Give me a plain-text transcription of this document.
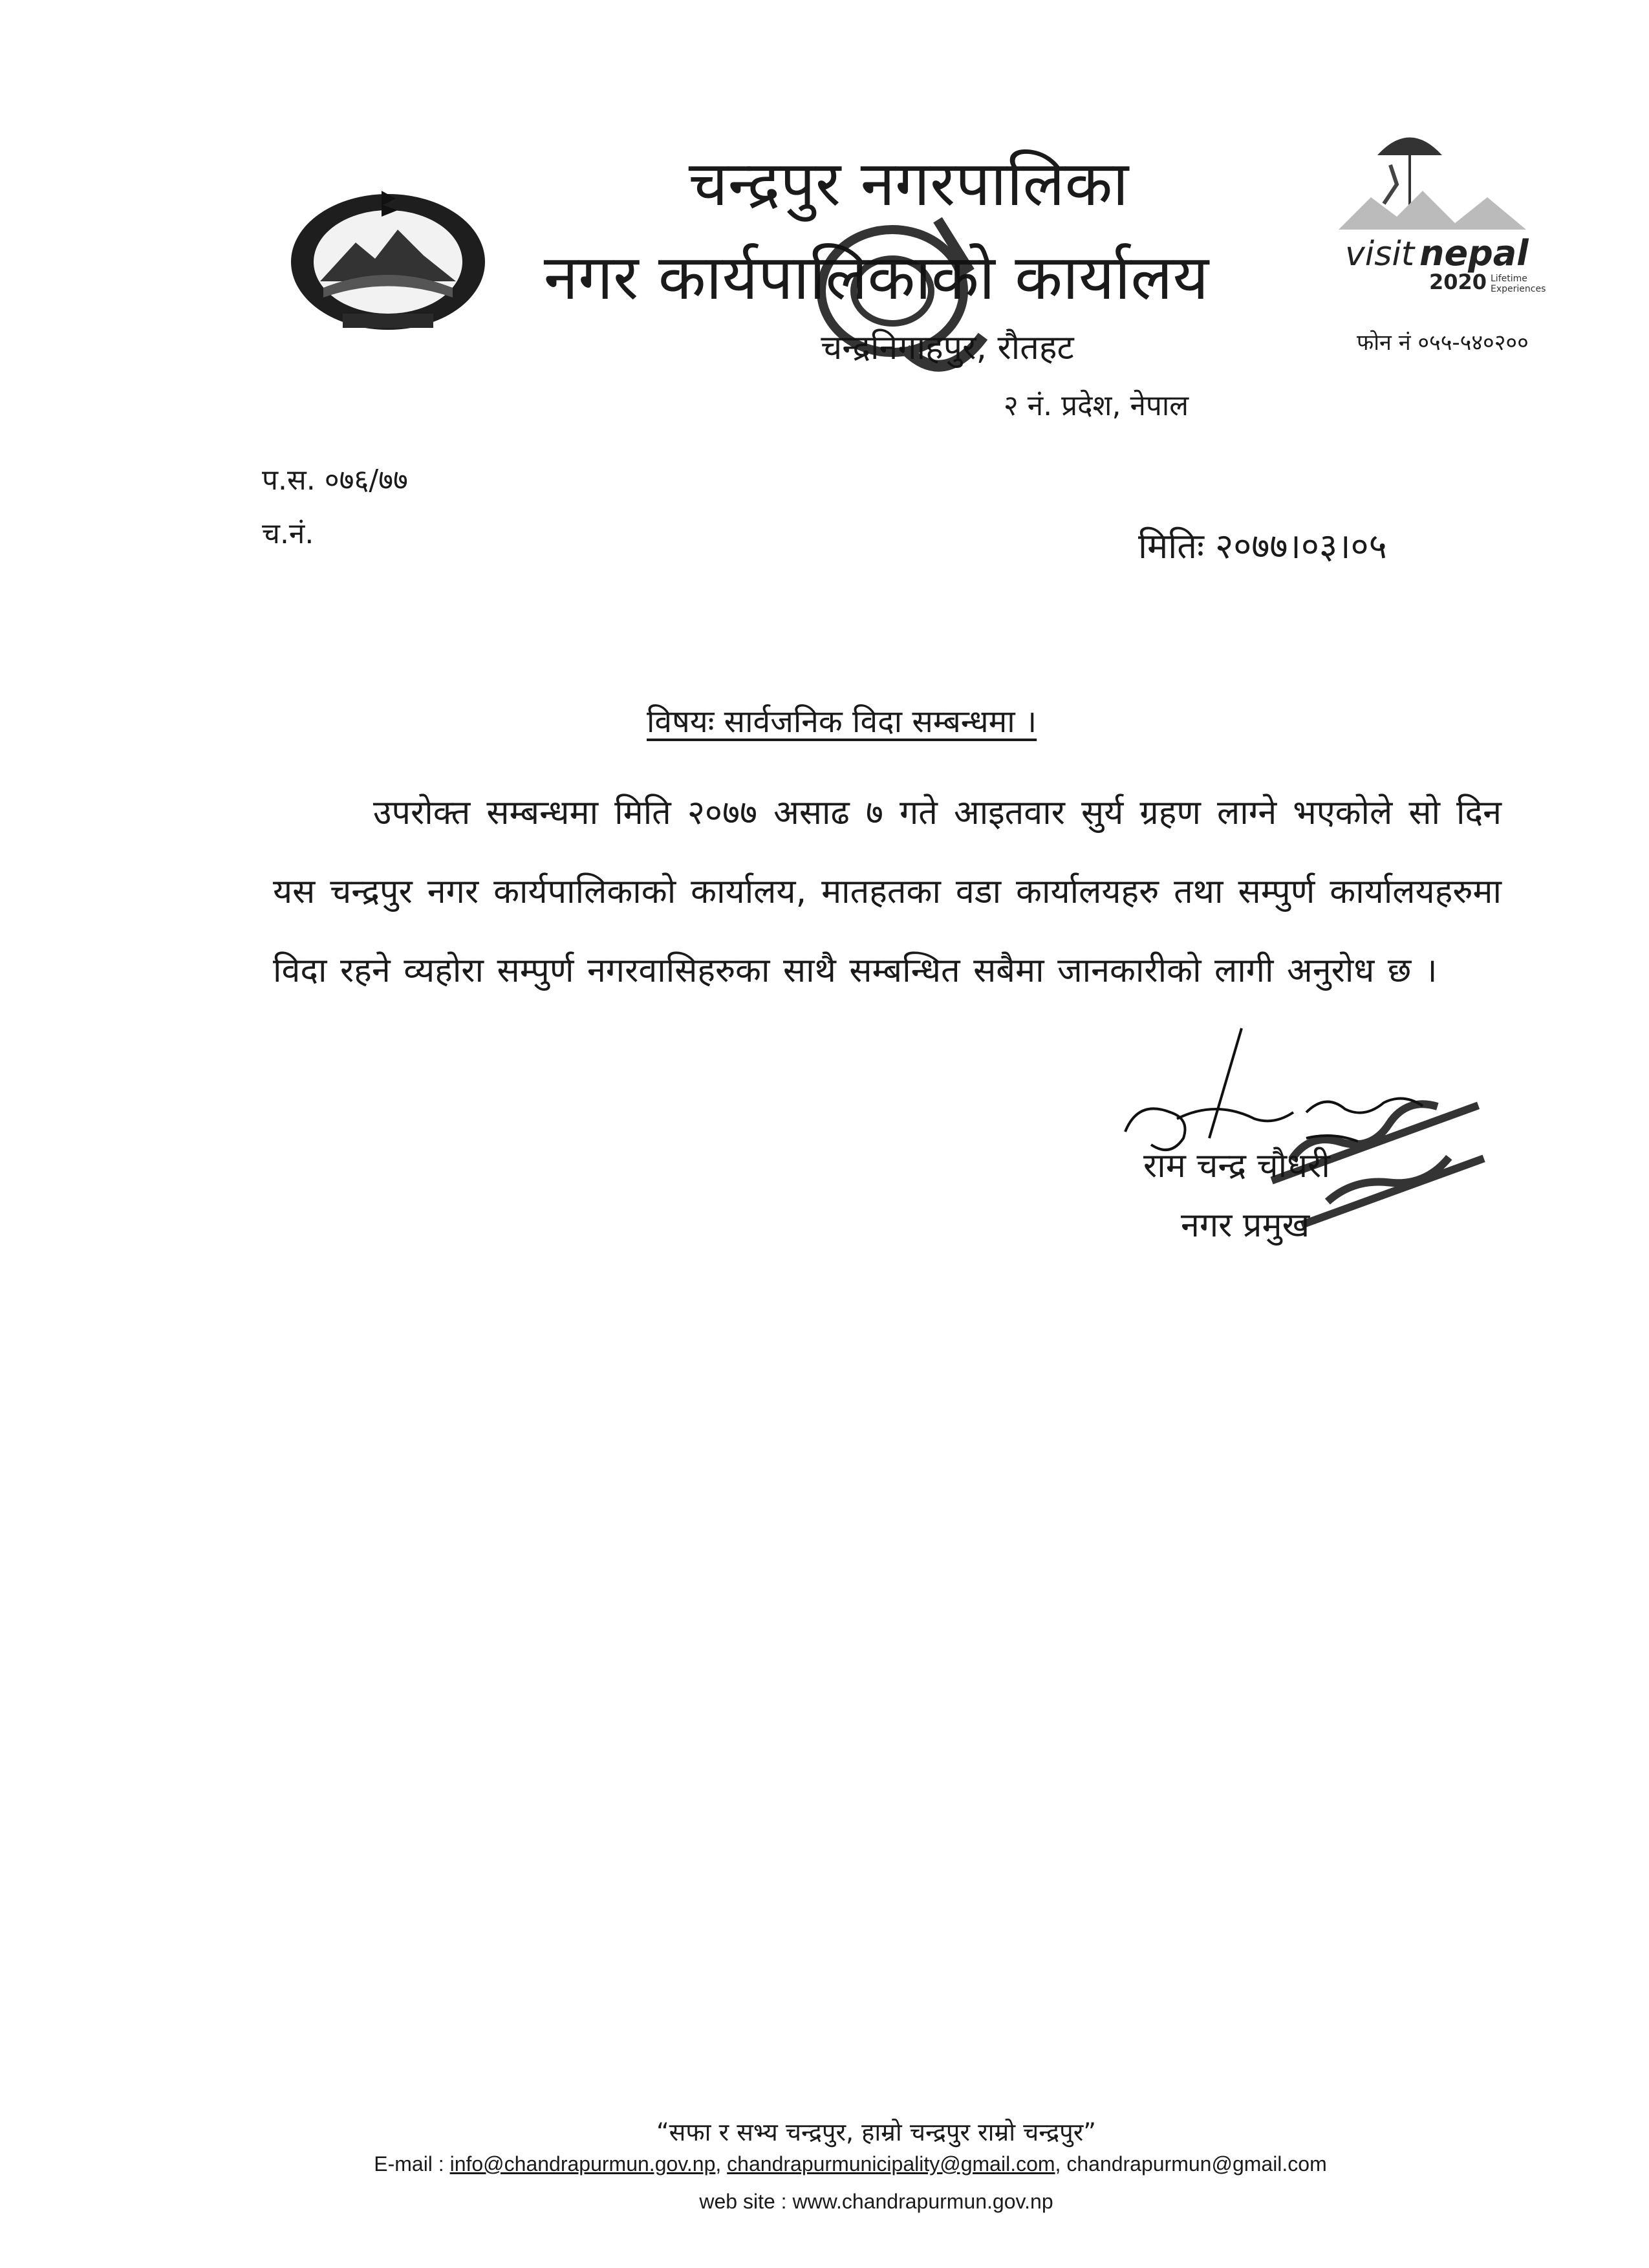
visit nepal
2020 Lifetime
Experiences
चन्द्रपुर नगरपालिका
नगर कार्यपालिकाको कार्यालय
चन्द्रनिगाहपुर, रौतहट
२ नं. प्रदेश, नेपाल
फोन नं ०५५-५४०२००
प.स. ०७६/७७
च.नं.	मितिः २०७७।०३।०५
विषयः सार्वजनिक विदा सम्बन्धमा ।
उपरोक्त सम्बन्धमा मिति २०७७ असाढ ७ गते आइतवार सुर्य ग्रहण लाग्ने भएकोले सो दिन यस चन्द्रपुर नगर कार्यपालिकाको कार्यालय, मातहतका वडा कार्यालयहरु तथा सम्पुर्ण कार्यालयहरुमा विदा रहने व्यहोरा सम्पुर्ण नगरवासिहरुका साथै सम्बन्धित सबैमा जानकारीको लागी अनुरोध छ ।
राम चन्द्र चौधरी
नगर प्रमुख
“सफा र सभ्य चन्द्रपुर, हाम्रो चन्द्रपुर राम्रो चन्द्रपुर”
E-mail : info@chandrapurmun.gov.np, chandrapurmunicipality@gmail.com, chandrapurmun@gmail.com
web site : www.chandrapurmun.gov.np
